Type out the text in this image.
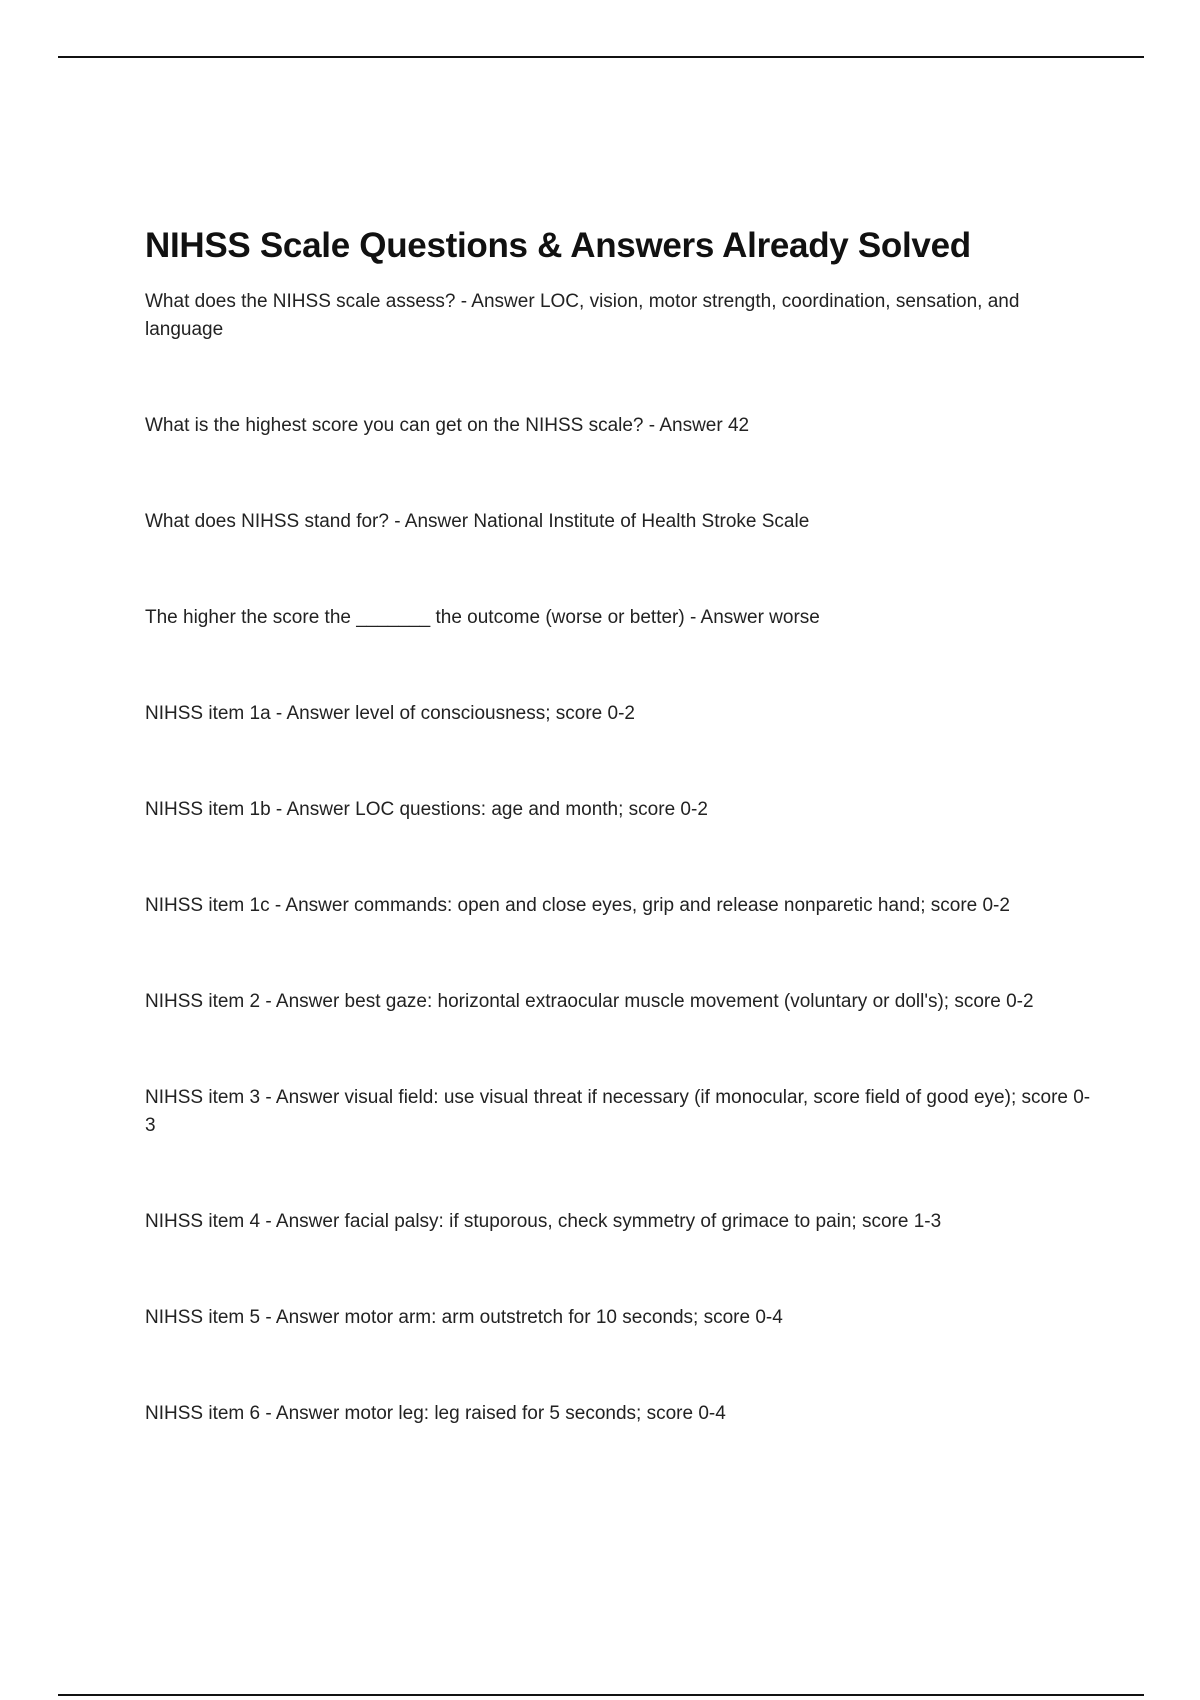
NIHSS Scale Questions & Answers Already Solved
What does the NIHSS scale assess? - Answer LOC, vision, motor strength, coordination, sensation, and language
What is the highest score you can get on the NIHSS scale? - Answer 42
What does NIHSS stand for? - Answer National Institute of Health Stroke Scale
The higher the score the _______ the outcome (worse or better) - Answer worse
NIHSS item 1a - Answer level of consciousness; score 0-2
NIHSS item 1b - Answer LOC questions: age and month; score 0-2
NIHSS item 1c - Answer commands: open and close eyes, grip and release nonparetic hand; score 0-2
NIHSS item 2 - Answer best gaze: horizontal extraocular muscle movement (voluntary or doll's); score 0-2
NIHSS item 3 - Answer visual field: use visual threat if necessary (if monocular, score field of good eye); score 0-3
NIHSS item 4 - Answer facial palsy: if stuporous, check symmetry of grimace to pain; score 1-3
NIHSS item 5 - Answer motor arm: arm outstretch for 10 seconds; score 0-4
NIHSS item 6 - Answer motor leg: leg raised for 5 seconds; score 0-4
